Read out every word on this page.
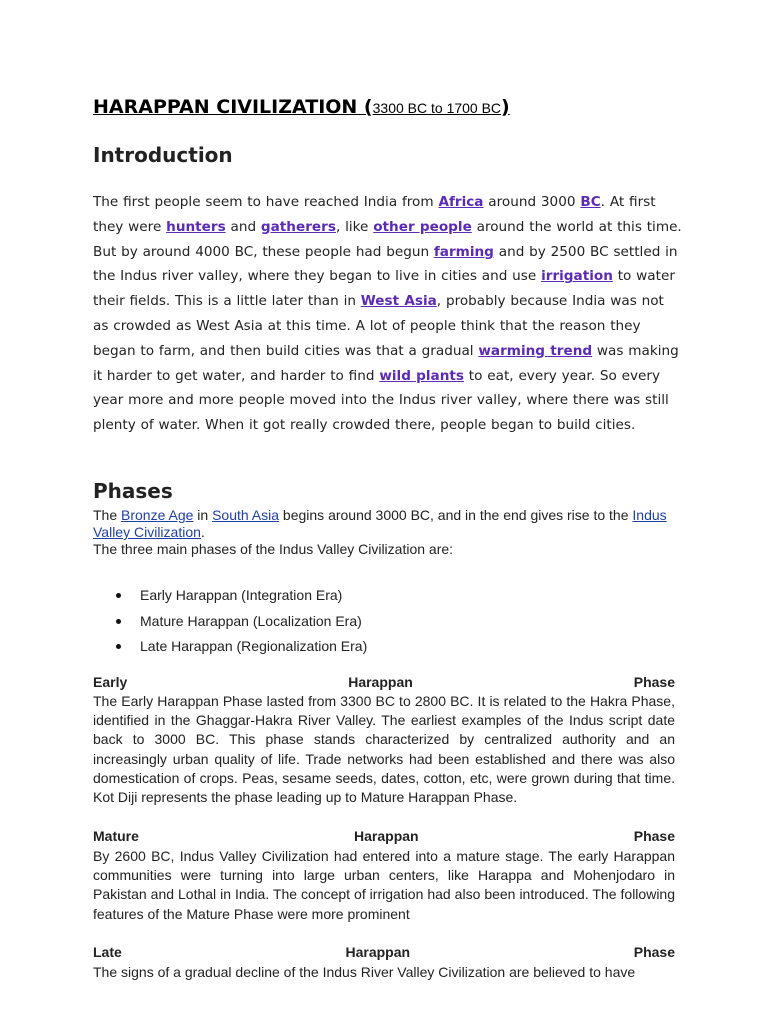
HARAPPAN CIVILIZATION (3300 BC to 1700 BC)
Introduction
The first people seem to have reached India from Africa around 3000 BC. At first they were hunters and gatherers, like other people around the world at this time. But by around 4000 BC, these people had begun farming and by 2500 BC settled in the Indus river valley, where they began to live in cities and use irrigation to water their fields. This is a little later than in West Asia, probably because India was not as crowded as West Asia at this time. A lot of people think that the reason they began to farm, and then build cities was that a gradual warming trend was making it harder to get water, and harder to find wild plants to eat, every year. So every year more and more people moved into the Indus river valley, where there was still plenty of water. When it got really crowded there, people began to build cities.
Phases
The Bronze Age in South Asia begins around 3000 BC, and in the end gives rise to the Indus Valley Civilization.
The three main phases of the Indus Valley Civilization are:
Early Harappan (Integration Era)
Mature Harappan (Localization Era)
Late Harappan (Regionalization Era)
Early	Harappan	Phase

The Early Harappan Phase lasted from 3300 BC to 2800 BC. It is related to the Hakra Phase, identified in the Ghaggar-Hakra River Valley. The earliest examples of the Indus script date back to 3000 BC. This phase stands characterized by centralized authority and an increasingly urban quality of life. Trade networks had been established and there was also domestication of crops. Peas, sesame seeds, dates, cotton, etc, were grown during that time. Kot Diji represents the phase leading up to Mature Harappan Phase.

Mature	Harappan	Phase

By 2600 BC, Indus Valley Civilization had entered into a mature stage. The early Harappan communities were turning into large urban centers, like Harappa and Mohenjodaro in Pakistan and Lothal in India. The concept of irrigation had also been introduced. The following features of the Mature Phase were more prominent

Late	Harappan	Phase

The signs of a gradual decline of the Indus River Valley Civilization are believed to have
